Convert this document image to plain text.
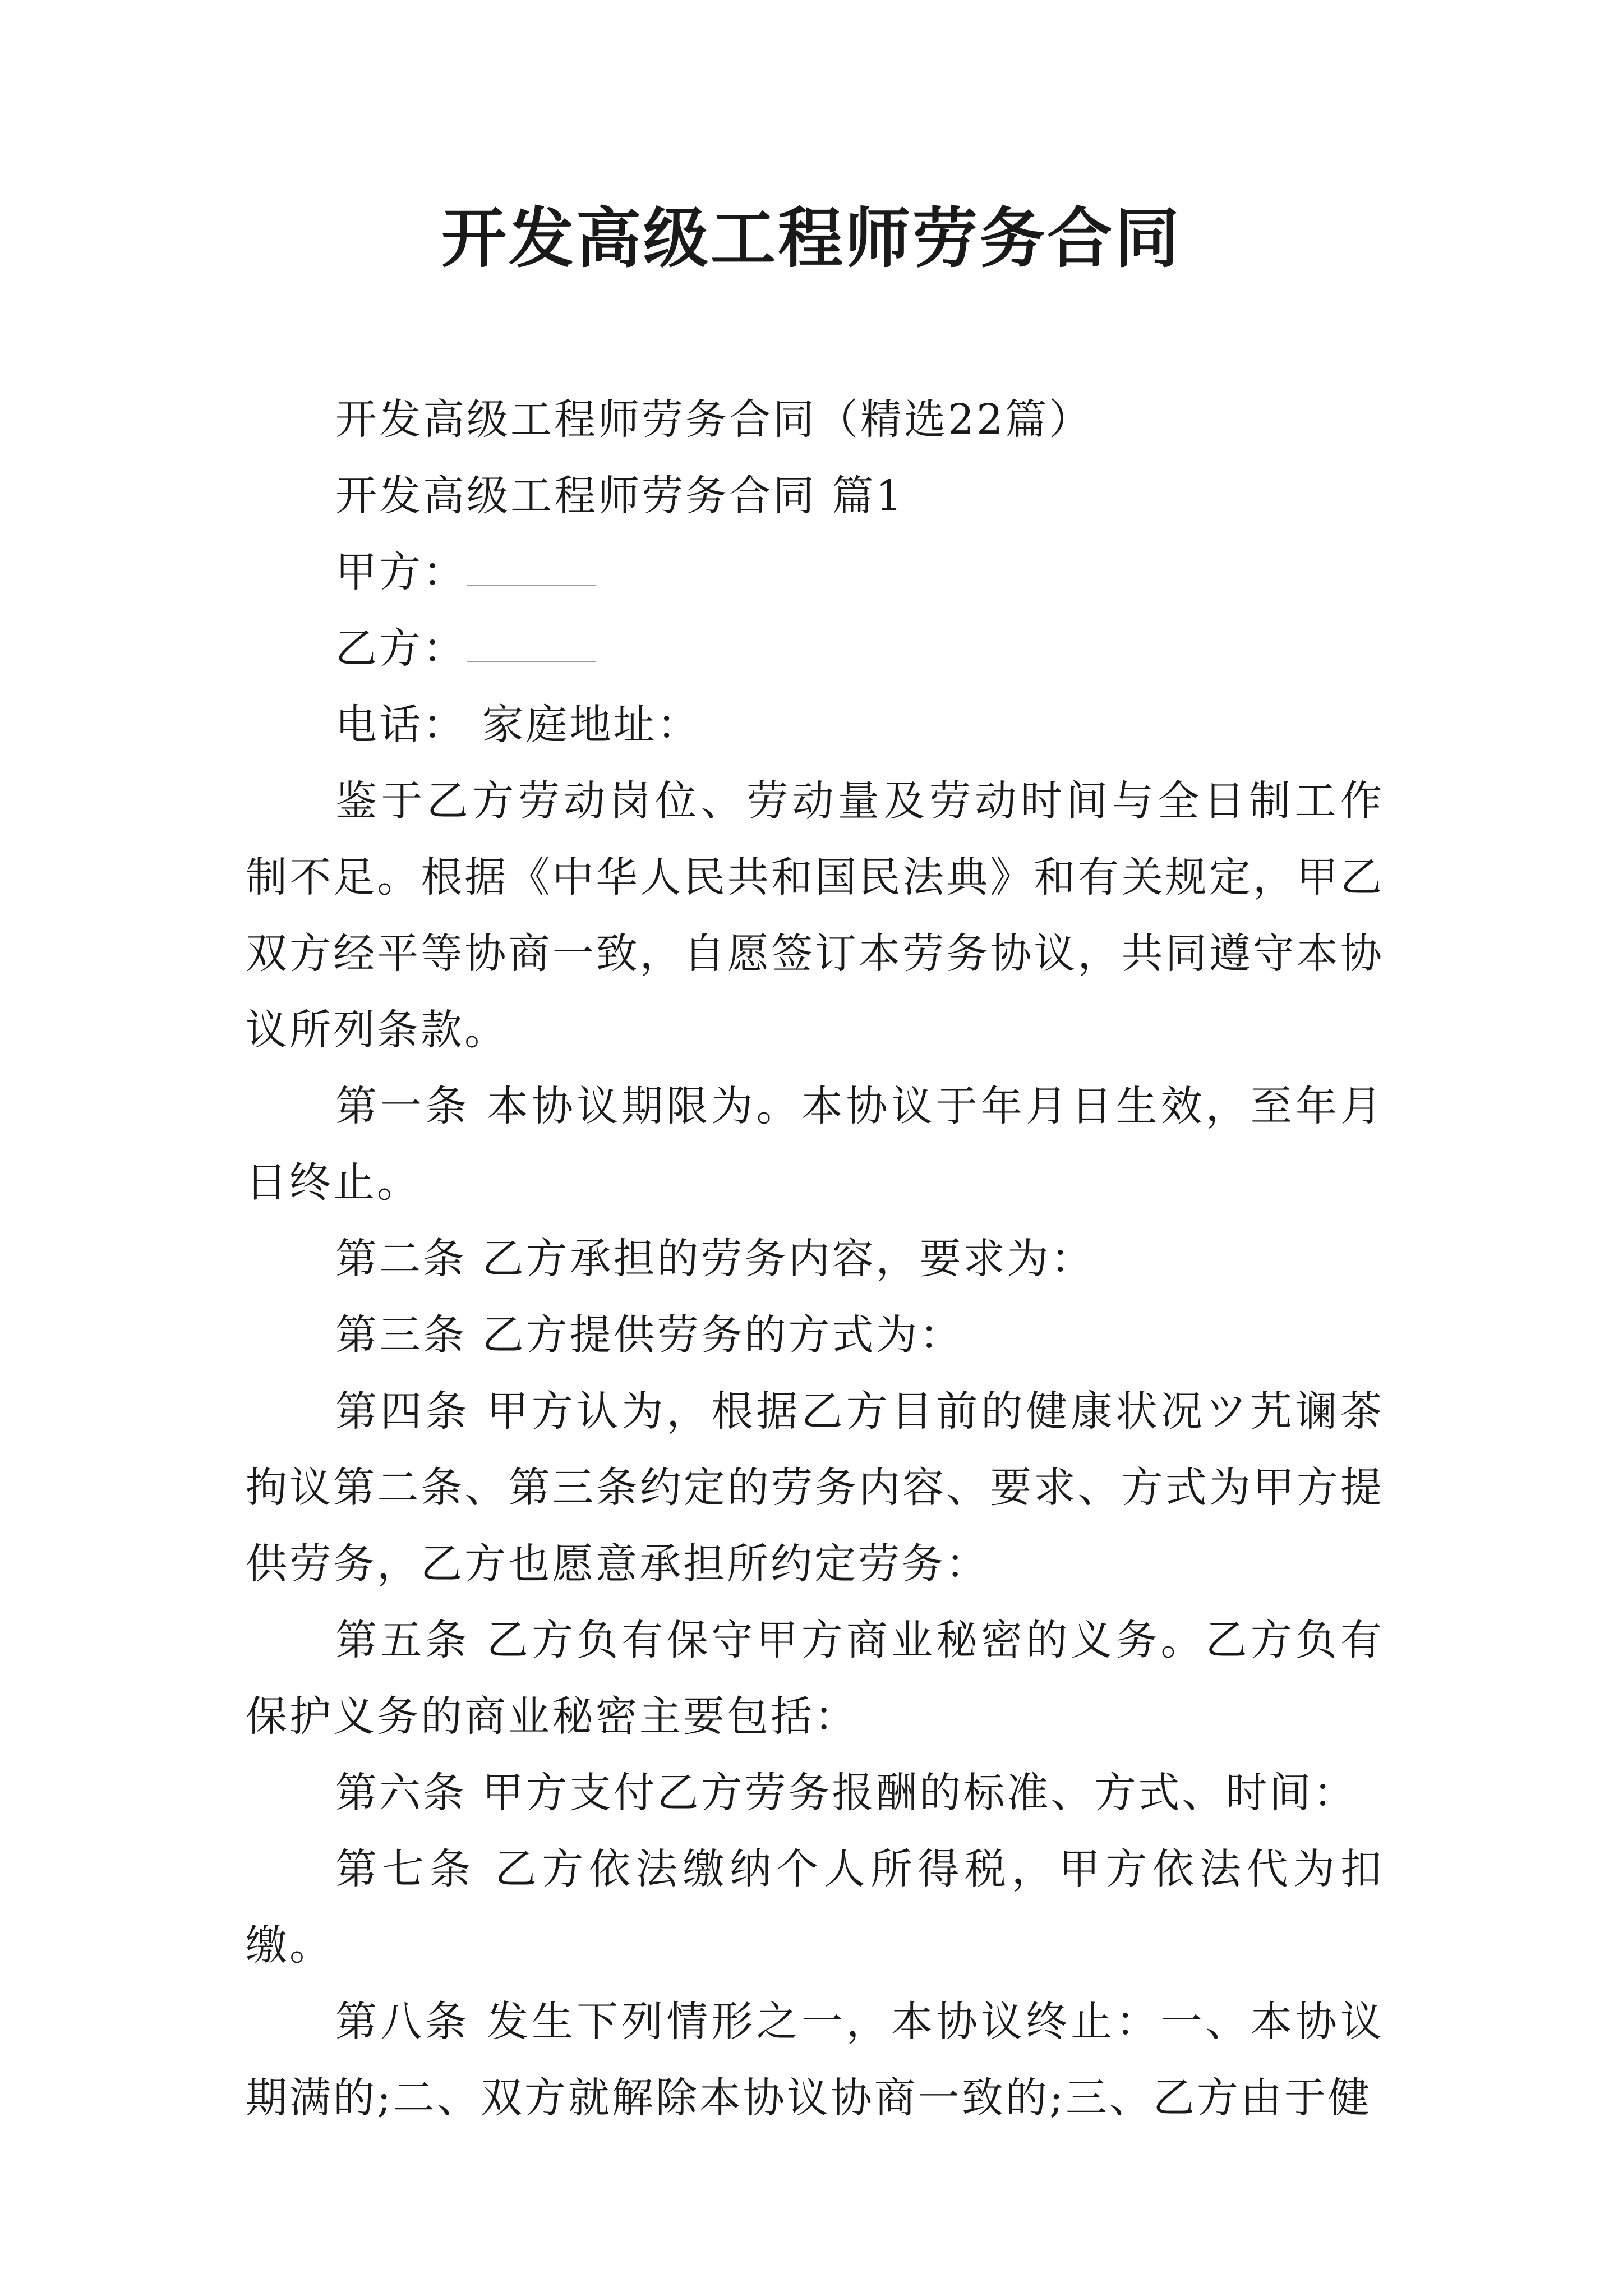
开发高级工程师劳务合同

开发高级工程师劳务合同（精选22篇）

开发高级工程师劳务合同 篇1

甲方：

乙方：

电话： 家庭地址：

鉴于乙方劳动岗位、劳动量及劳动时间与全日制工作制不足。根据《中华人民共和国民法典》和有关规定，甲乙双方经平等协商一致，自愿签订本劳务协议，共同遵守本协议所列条款。

第一条 本协议期限为。本协议于年月日生效，至年月日终止。

第二条 乙方承担的劳务内容，要求为：

第三条 乙方提供劳务的方式为：

第四条 甲方认为，根据乙方目前的健康状况ツ艽谰茶拘议第二条、第三条约定的劳务内容、要求、方式为甲方提供劳务，乙方也愿意承担所约定劳务：

第五条 乙方负有保守甲方商业秘密的义务。乙方负有保护义务的商业秘密主要包括：

第六条 甲方支付乙方劳务报酬的标准、方式、时间：

第七条 乙方依法缴纳个人所得税，甲方依法代为扣缴。

第八条 发生下列情形之一，本协议终止：一、本协议期满的;二、双方就解除本协议协商一致的;三、乙方由于健
